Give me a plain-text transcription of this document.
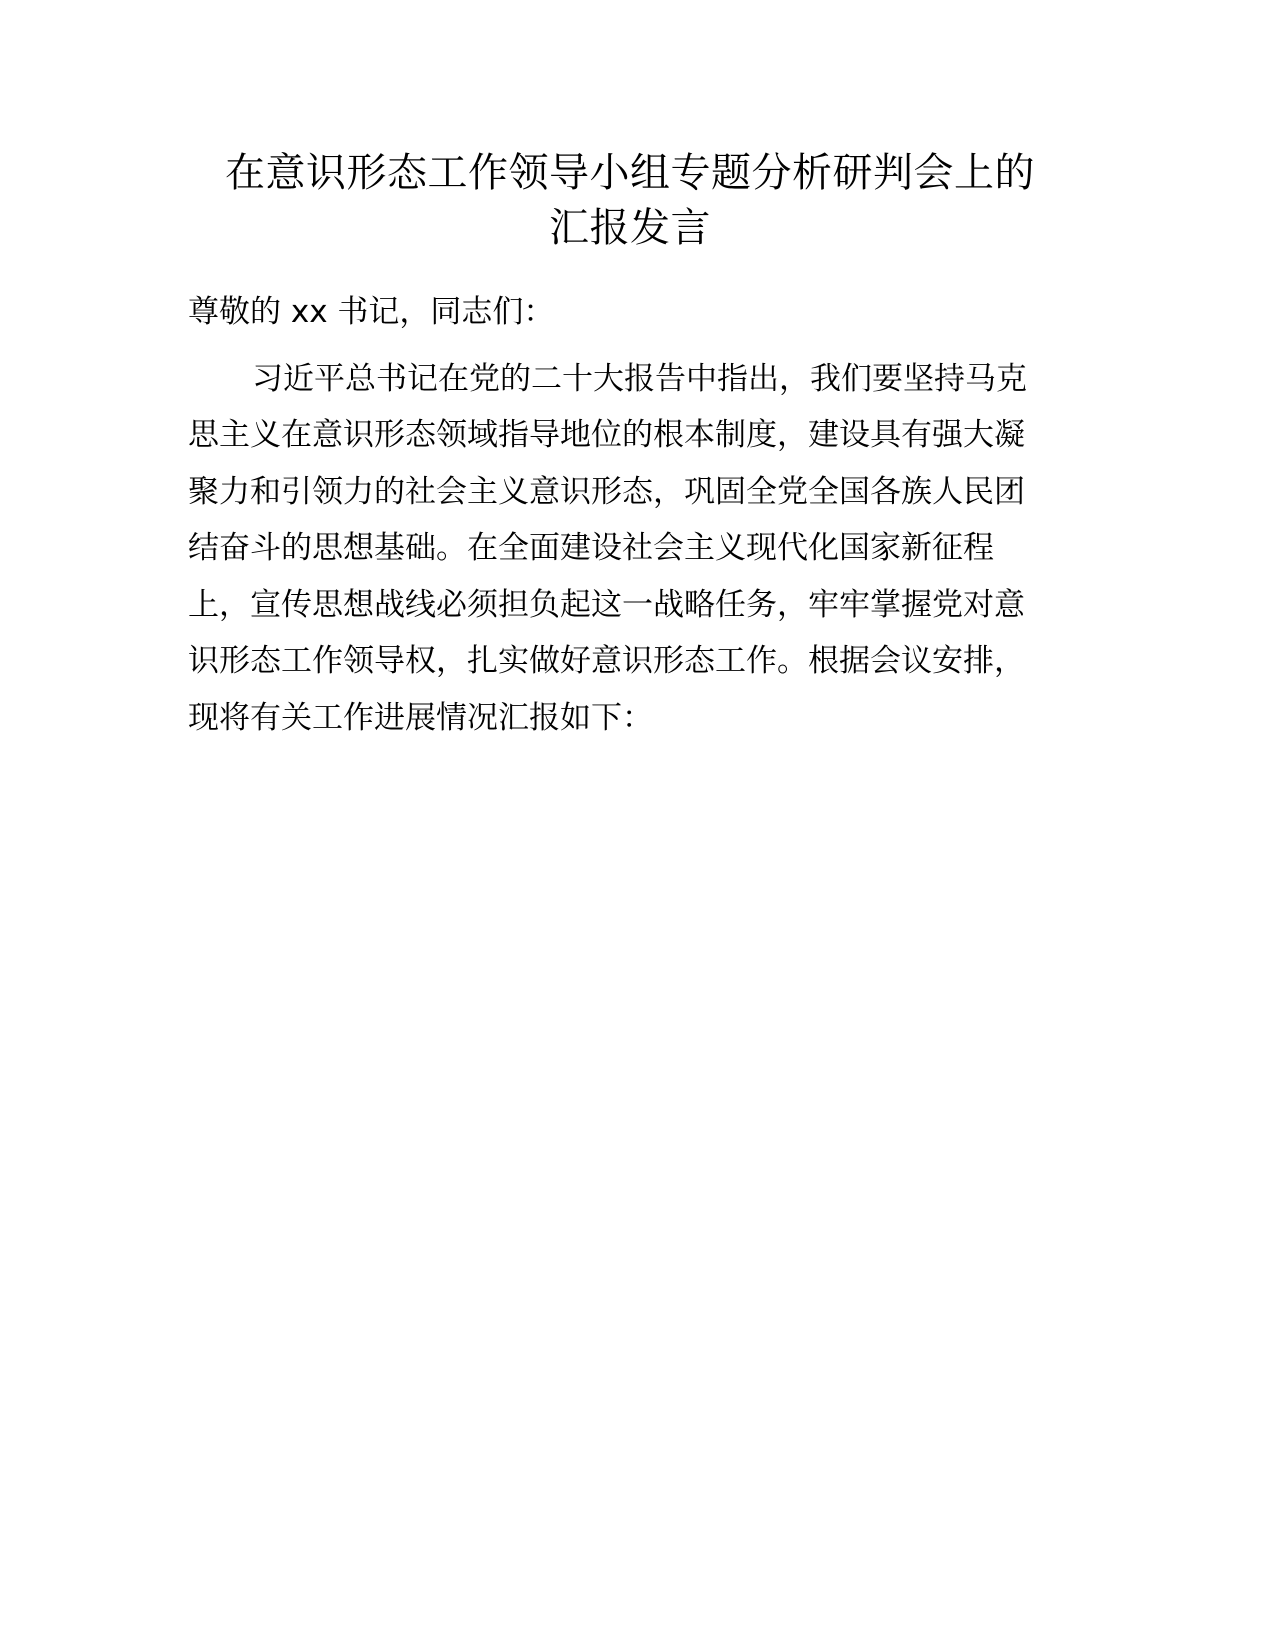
在意识形态工作领导小组专题分析研判会上的
汇报发言
尊敬的 xx 书记，同志们：
习近平总书记在党的二十大报告中指出，我们要坚持马克
思主义在意识形态领域指导地位的根本制度，建设具有强大凝
聚力和引领力的社会主义意识形态，巩固全党全国各族人民团
结奋斗的思想基础。在全面建设社会主义现代化国家新征程
上，宣传思想战线必须担负起这一战略任务，牢牢掌握党对意
识形态工作领导权，扎实做好意识形态工作。根据会议安排，
现将有关工作进展情况汇报如下：
